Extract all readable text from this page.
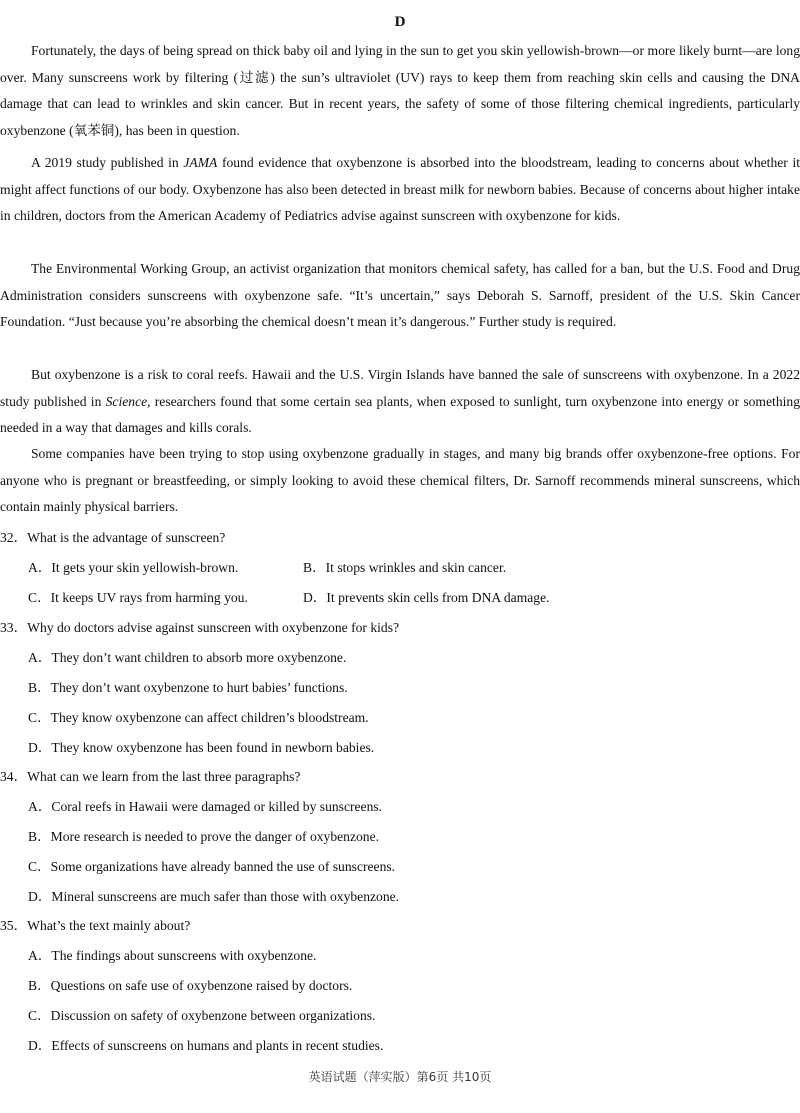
D

Fortunately, the days of being spread on thick baby oil and lying in the sun to get you skin yellowish-brown—or more likely burnt—are long over. Many sunscreens work by filtering (过滤) the sun’s ultraviolet (UV) rays to keep them from reaching skin cells and causing the DNA damage that can lead to wrinkles and skin cancer. But in recent years, the safety of some of those filtering chemical ingredients, particularly oxybenzone (氧苯铜), has been in question.

A 2019 study published in JAMA found evidence that oxybenzone is absorbed into the bloodstream, leading to concerns about whether it might affect functions of our body. Oxybenzone has also been detected in breast milk for newborn babies. Because of concerns about higher intake in children, doctors from the American Academy of Pediatrics advise against sunscreen with oxybenzone for kids.

The Environmental Working Group, an activist organization that monitors chemical safety, has called for a ban, but the U.S. Food and Drug Administration considers sunscreens with oxybenzone safe. “It’s uncertain,” says Deborah S. Sarnoff, president of the U.S. Skin Cancer Foundation. “Just because you’re absorbing the chemical doesn’t mean it’s dangerous.” Further study is required.

But oxybenzone is a risk to coral reefs. Hawaii and the U.S. Virgin Islands have banned the sale of sunscreens with oxybenzone. In a 2022 study published in Science, researchers found that some certain sea plants, when exposed to sunlight, turn oxybenzone into energy or something needed in a way that damages and kills corals.

Some companies have been trying to stop using oxybenzone gradually in stages, and many big brands offer oxybenzone-free options. For anyone who is pregnant or breastfeeding, or simply looking to avoid these chemical filters, Dr. Sarnoff recommends mineral sunscreens, which contain mainly physical barriers.

32．What is the advantage of sunscreen?
A．It gets your skin yellowish-brown.	B．It stops wrinkles and skin cancer.
C．It keeps UV rays from harming you.	D．It prevents skin cells from DNA damage.
33．Why do doctors advise against sunscreen with oxybenzone for kids?
A．They don’t want children to absorb more oxybenzone.
B．They don’t want oxybenzone to hurt babies’ functions.
C．They know oxybenzone can affect children’s bloodstream.
D．They know oxybenzone has been found in newborn babies.
34．What can we learn from the last three paragraphs?
A．Coral reefs in Hawaii were damaged or killed by sunscreens.
B．More research is needed to prove the danger of oxybenzone.
C．Some organizations have already banned the use of sunscreens.
D．Mineral sunscreens are much safer than those with oxybenzone.
35．What’s the text mainly about?
A．The findings about sunscreens with oxybenzone.
B．Questions on safe use of oxybenzone raised by doctors.
C．Discussion on safety of oxybenzone between organizations.
D．Effects of sunscreens on humans and plants in recent studies.
英语试题（萍实版）第6页 共10页
